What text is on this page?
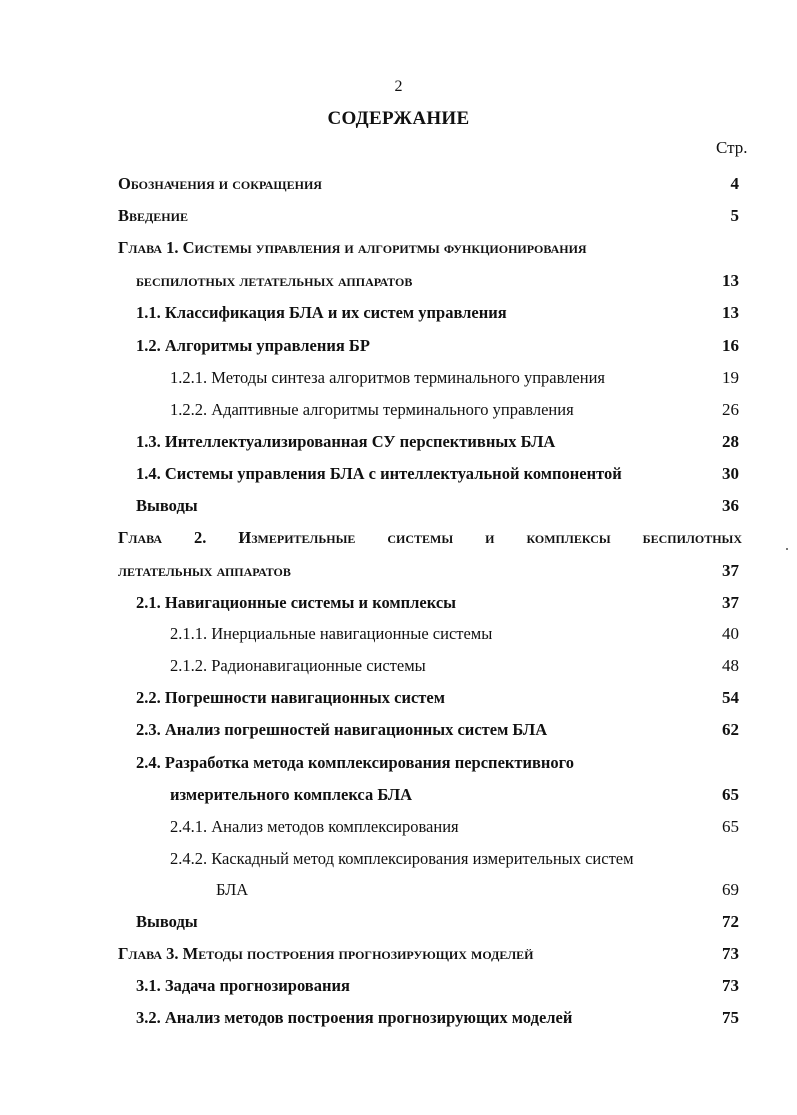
2
СОДЕРЖАНИЕ
Стр.
Обозначения и сокращения	4
Введение	5
Глава 1. Системы управления и алгоритмы функционирования
беспилотных летательных аппаратов	13
1.1. Классификация БЛА и их систем управления	13
1.2. Алгоритмы управления БР	16
1.2.1. Методы синтеза алгоритмов терминального управления	19
1.2.2. Адаптивные алгоритмы терминального управления	26
1.3. Интеллектуализированная СУ перспективных БЛА	28
1.4. Системы управления БЛА с интеллектуальной компонентой	30
Выводы	36
Глава 2. Измерительные системы и комплексы беспилотных
летательных аппаратов	37
2.1. Навигационные системы и комплексы	37
2.1.1. Инерциальные навигационные системы	40
2.1.2. Радионавигационные системы	48
2.2. Погрешности навигационных систем	54
2.3. Анализ погрешностей навигационных систем БЛА	62
2.4. Разработка метода комплексирования перспективного
измерительного комплекса БЛА	65
2.4.1. Анализ методов комплексирования	65
2.4.2. Каскадный метод комплексирования измерительных систем
БЛА	69
Выводы	72
Глава 3. Методы построения прогнозирующих моделей	73
3.1. Задача прогнозирования	73
3.2. Анализ методов построения прогнозирующих моделей	75
